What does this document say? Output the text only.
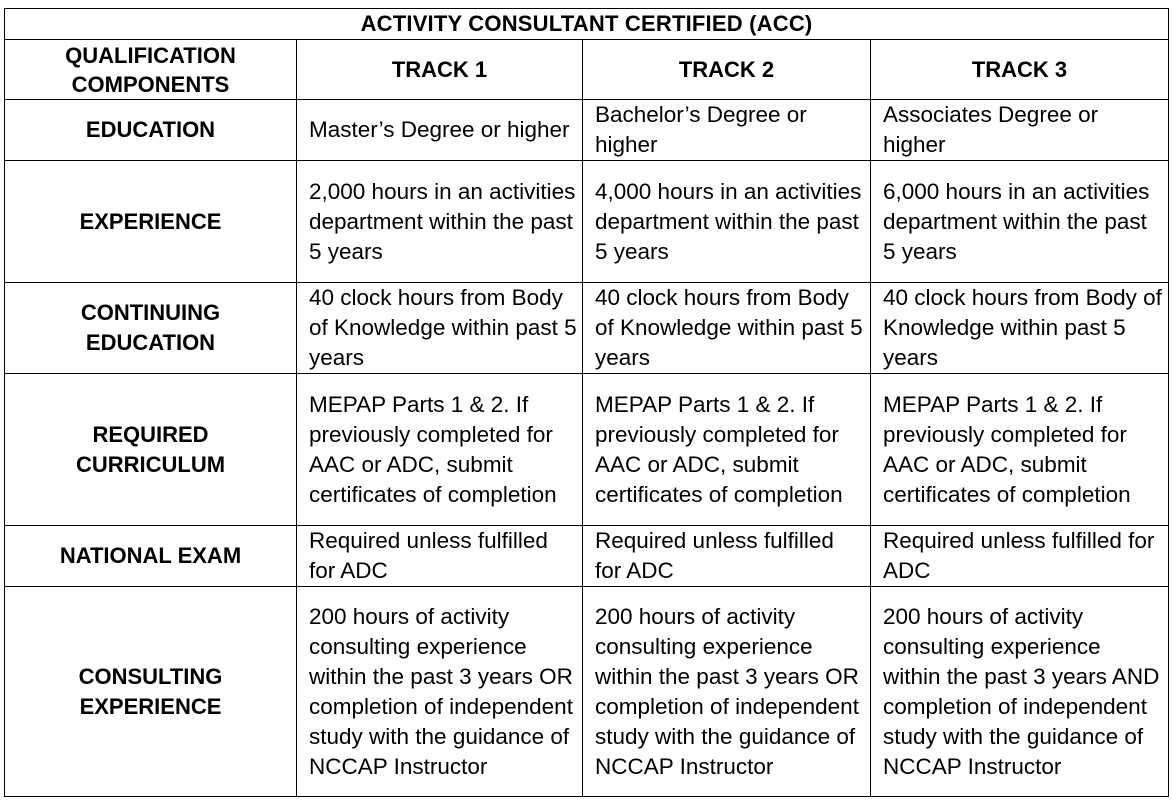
ACTIVITY CONSULTANT CERTIFIED (ACC)			
QUALIFICATION COMPONENTS	TRACK 1	TRACK 2	TRACK 3
EDUCATION	Master’s Degree or higher	Bachelor’s Degree or higher	Associates Degree or higher
EXPERIENCE	2,000 hours in an activities department within the past 5 years	4,000 hours in an activities department within the past 5 years	6,000 hours in an activities department within the past 5 years
CONTINUING EDUCATION	40 clock hours from Body of Knowledge within past 5 years	40 clock hours from Body of Knowledge within past 5 years	40 clock hours from Body of Knowledge within past 5 years
REQUIRED CURRICULUM	MEPAP Parts 1 & 2. If previously completed for AAC or ADC, submit certificates of completion	MEPAP Parts 1 & 2. If previously completed for AAC or ADC, submit certificates of completion	MEPAP Parts 1 & 2. If previously completed for AAC or ADC, submit certificates of completion
NATIONAL EXAM	Required unless fulfilled for ADC	Required unless fulfilled for ADC	Required unless fulfilled for ADC
CONSULTING EXPERIENCE	200 hours of activity consulting experience within the past 3 years OR completion of independent study with the guidance of NCCAP Instructor	200 hours of activity consulting experience within the past 3 years OR completion of independent study with the guidance of NCCAP Instructor	200 hours of activity consulting experience within the past 3 years AND completion of independent study with the guidance of NCCAP Instructor
